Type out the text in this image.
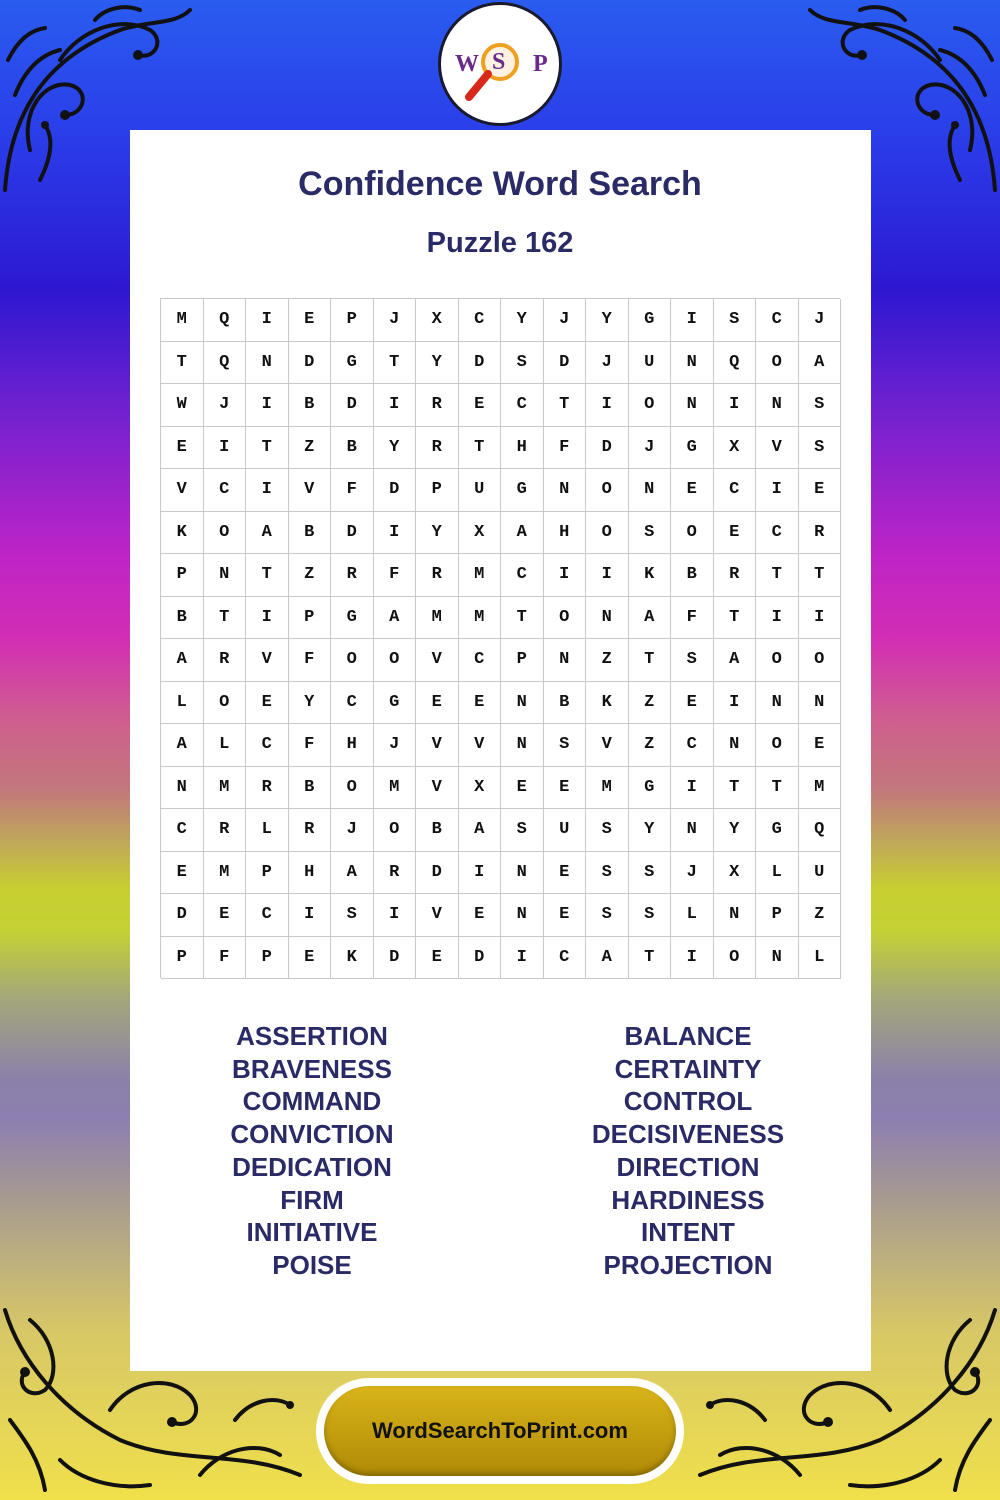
W S P
Confidence Word Search
Puzzle 162
M	Q	I	E	P	J	X	C	Y	J	Y	G	I	S	C	J
T	Q	N	D	G	T	Y	D	S	D	J	U	N	Q	O	A
W	J	I	B	D	I	R	E	C	T	I	O	N	I	N	S
E	I	T	Z	B	Y	R	T	H	F	D	J	G	X	V	S
V	C	I	V	F	D	P	U	G	N	O	N	E	C	I	E
K	O	A	B	D	I	Y	X	A	H	O	S	O	E	C	R
P	N	T	Z	R	F	R	M	C	I	I	K	B	R	T	T
B	T	I	P	G	A	M	M	T	O	N	A	F	T	I	I
A	R	V	F	O	O	V	C	P	N	Z	T	S	A	O	O
L	O	E	Y	C	G	E	E	N	B	K	Z	E	I	N	N
A	L	C	F	H	J	V	V	N	S	V	Z	C	N	O	E
N	M	R	B	O	M	V	X	E	E	M	G	I	T	T	M
C	R	L	R	J	O	B	A	S	U	S	Y	N	Y	G	Q
E	M	P	H	A	R	D	I	N	E	S	S	J	X	L	U
D	E	C	I	S	I	V	E	N	E	S	S	L	N	P	Z
P	F	P	E	K	D	E	D	I	C	A	T	I	O	N	L
ASSERTION
BRAVENESS
COMMAND
CONVICTION
DEDICATION
FIRM
INITIATIVE
POISE
BALANCE
CERTAINTY
CONTROL
DECISIVENESS
DIRECTION
HARDINESS
INTENT
PROJECTION
WordSearchToPrint.com
